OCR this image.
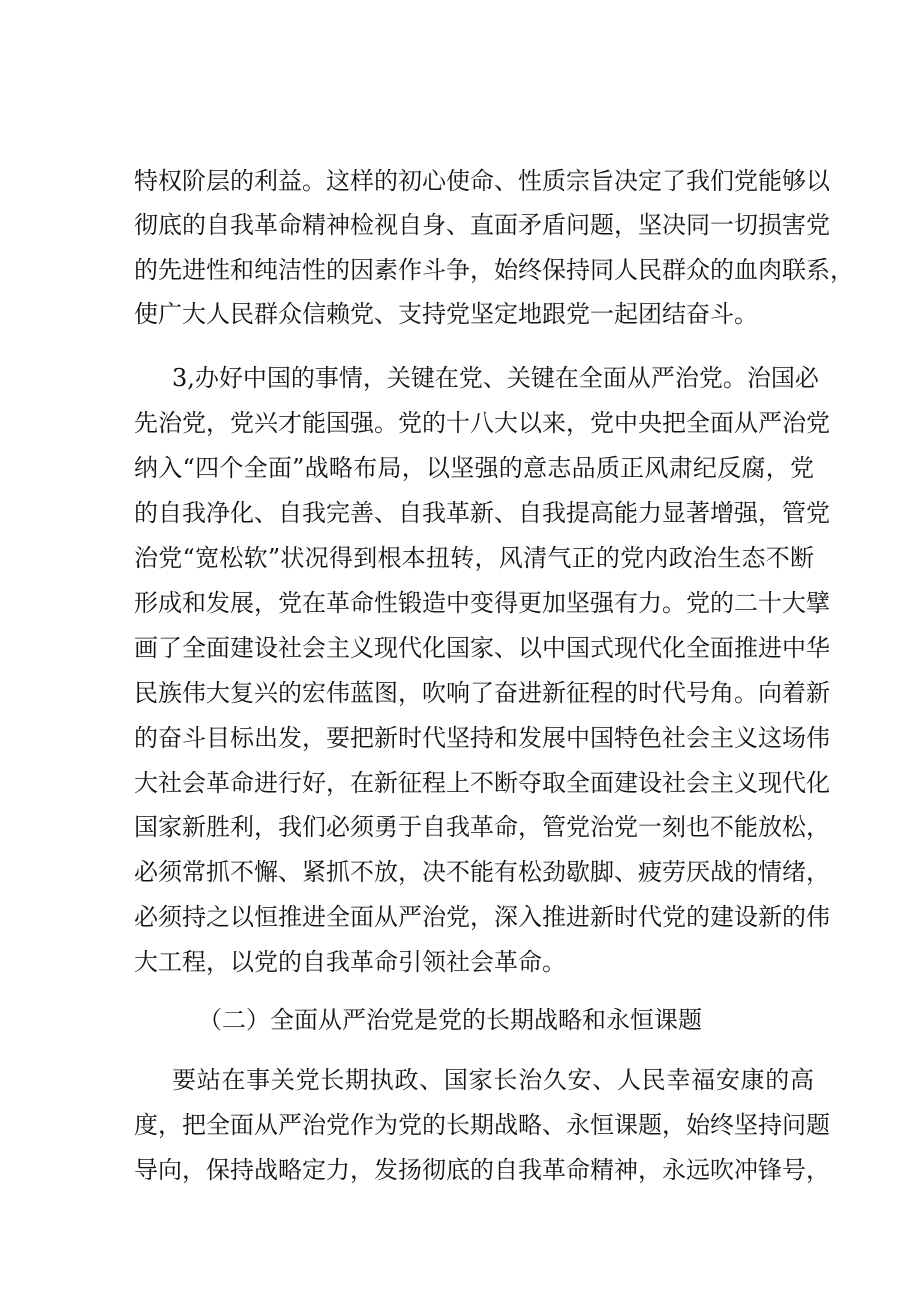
特权阶层的利益。这样的初心使命、性质宗旨决定了我们党能够以
彻底的自我革命精神检视自身、直面矛盾问题，坚决同一切损害党
的先进性和纯洁性的因素作斗争，始终保持同人民群众的血肉联系，
使广大人民群众信赖党、支持党坚定地跟党一起团结奋斗。
3,办好中国的事情，关键在党、关键在全面从严治党。治国必
先治党，党兴才能国强。党的十八大以来，党中央把全面从严治党
纳入“四个全面”战略布局，以坚强的意志品质正风肃纪反腐，党
的自我净化、自我完善、自我革新、自我提高能力显著增强，管党
治党“宽松软”状况得到根本扭转，风清气正的党内政治生态不断
形成和发展，党在革命性锻造中变得更加坚强有力。党的二十大擘
画了全面建设社会主义现代化国家、以中国式现代化全面推进中华
民族伟大复兴的宏伟蓝图，吹响了奋进新征程的时代号角。向着新
的奋斗目标出发，要把新时代坚持和发展中国特色社会主义这场伟
大社会革命进行好，在新征程上不断夺取全面建设社会主义现代化
国家新胜利，我们必须勇于自我革命，管党治党一刻也不能放松，
必须常抓不懈、紧抓不放，决不能有松劲歇脚、疲劳厌战的情绪，
必须持之以恒推进全面从严治党，深入推进新时代党的建设新的伟
大工程，以党的自我革命引领社会革命。
（二）全面从严治党是党的长期战略和永恒课题
要站在事关党长期执政、国家长治久安、人民幸福安康的高
度，把全面从严治党作为党的长期战略、永恒课题，始终坚持问题
导向，保持战略定力，发扬彻底的自我革命精神，永远吹冲锋号，
